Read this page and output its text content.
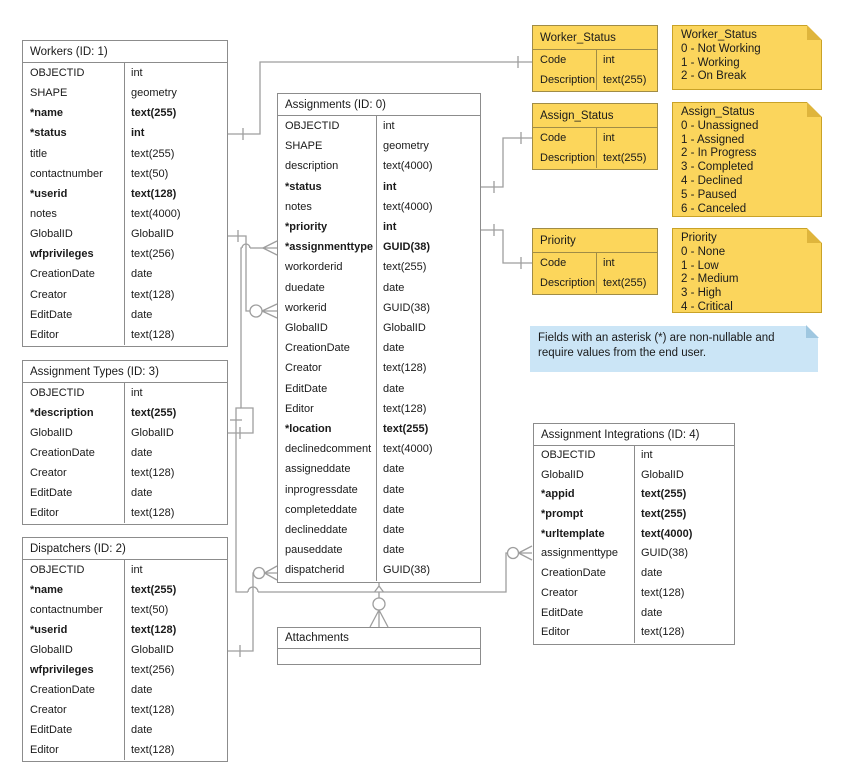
Workers (ID: 1)
OBJECTID	int
SHAPE	geometry
*name	text(255)
*status	int
title	text(255)
contactnumber	text(50)
*userid	text(128)
notes	text(4000)
GlobalID	GlobalID
wfprivileges	text(256)
CreationDate	date
Creator	text(128)
EditDate	date
Editor	text(128)
Assignments (ID: 0)
OBJECTID	int
SHAPE	geometry
description	text(4000)
*status	int
notes	text(4000)
*priority	int
*assignmenttype GUID(38)
workorderid	text(255)
duedate	date
workerid	GUID(38)
GlobalID	GlobalID
CreationDate	date
Creator	text(128)
EditDate	date
Editor	text(128)
*location	text(255)
declinedcomment	text(4000)
assigneddate	date
inprogressdate	date
completeddate	date
declineddate	date
pauseddate	date
dispatcherid	GUID(38)
Assignment Types (ID: 3)
OBJECTID	int
*description	text(255)
GlobalID	GlobalID
CreationDate	date
Creator	text(128)
EditDate	date
Editor	text(128)
Dispatchers (ID: 2)
OBJECTID	int
*name	text(255)
contactnumber	text(50)
*userid	text(128)
GlobalID	GlobalID
wfprivileges	text(256)
CreationDate	date
Creator	text(128)
EditDate	date
Editor	text(128)
Assignment Integrations (ID: 4)
OBJECTID	int
GlobalID	GlobalID
*appid	text(255)
*prompt	text(255)
*urltemplate	text(4000)
assignmenttype	GUID(38)
CreationDate	date
Creator	text(128)
EditDate	date
Editor	text(128)
Attachments
Worker_Status
Code	int
Description text(255)
Assign_Status
Code	int
Description text(255)
Priority
Code	int
Description text(255)
Worker_Status
0 - Not Working
1 - Working
2 - On Break
Assign_Status
0 - Unassigned
1 - Assigned
2 - In Progress
3 - Completed
4 - Declined
5 - Paused
6 - Canceled
Priority
0 - None
1 - Low
2 - Medium
3 - High
4 - Critical
Fields with an asterisk (*) are non-nullable and require values from the end user.
